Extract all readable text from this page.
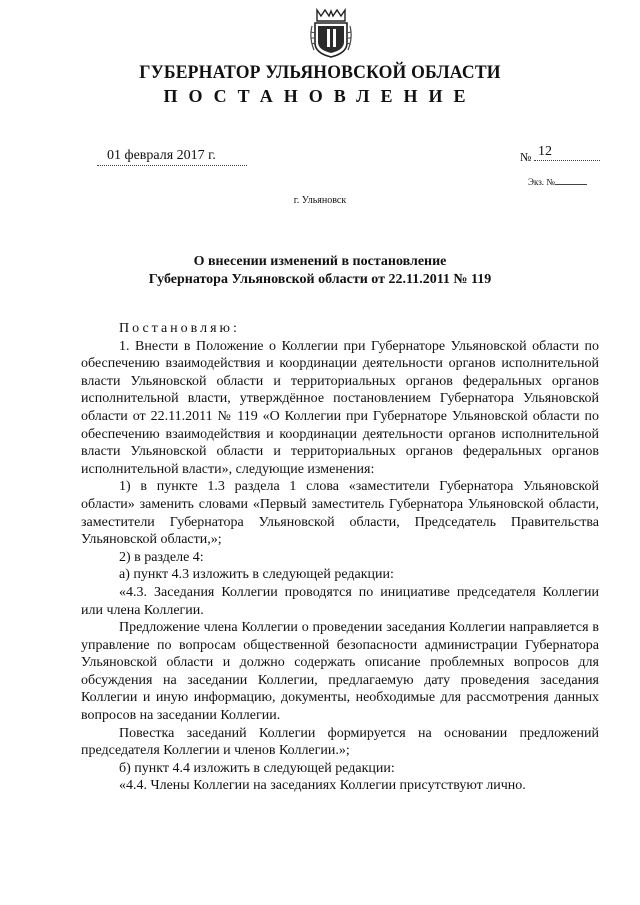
ГУБЕРНАТОР УЛЬЯНОВСКОЙ ОБЛАСТИ
ПОСТАНОВЛЕНИЕ
01 февраля 2017 г.	№ 12
Экз. №
г. Ульяновск
О внесении изменений в постановление
Губернатора Ульяновской области от 22.11.2011 № 119

Постановляю:

1. Внести в Положение о Коллегии при Губернаторе Ульяновской области по обеспечению взаимодействия и координации деятельности органов исполнительной власти Ульяновской области и территориальных органов федеральных органов исполнительной власти, утверждённое постановлением Губернатора Ульяновской области от 22.11.2011 № 119 «О Коллегии при Губернаторе Ульяновской области по обеспечению взаимодействия и координации деятельности органов исполнительной власти Ульяновской области и территориальных органов федеральных органов исполнительной власти», следующие изменения:

1) в пункте 1.3 раздела 1 слова «заместители Губернатора Ульяновской области» заменить словами «Первый заместитель Губернатора Ульяновской области, заместители Губернатора Ульяновской области, Председатель Правительства Ульяновской области,»;

2) в разделе 4:

а) пункт 4.3 изложить в следующей редакции:

«4.3. Заседания Коллегии проводятся по инициативе председателя Коллегии или члена Коллегии.

Предложение члена Коллегии о проведении заседания Коллегии направляется в управление по вопросам общественной безопасности администрации Губернатора Ульяновской области и должно содержать описание проблемных вопросов для обсуждения на заседании Коллегии, предлагаемую дату проведения заседания Коллегии и иную информацию, документы, необходимые для рассмотрения данных вопросов на заседании Коллегии.

Повестка заседаний Коллегии формируется на основании предложений председателя Коллегии и членов Коллегии.»;

б) пункт 4.4 изложить в следующей редакции:

«4.4. Члены Коллегии на заседаниях Коллегии присутствуют лично.
